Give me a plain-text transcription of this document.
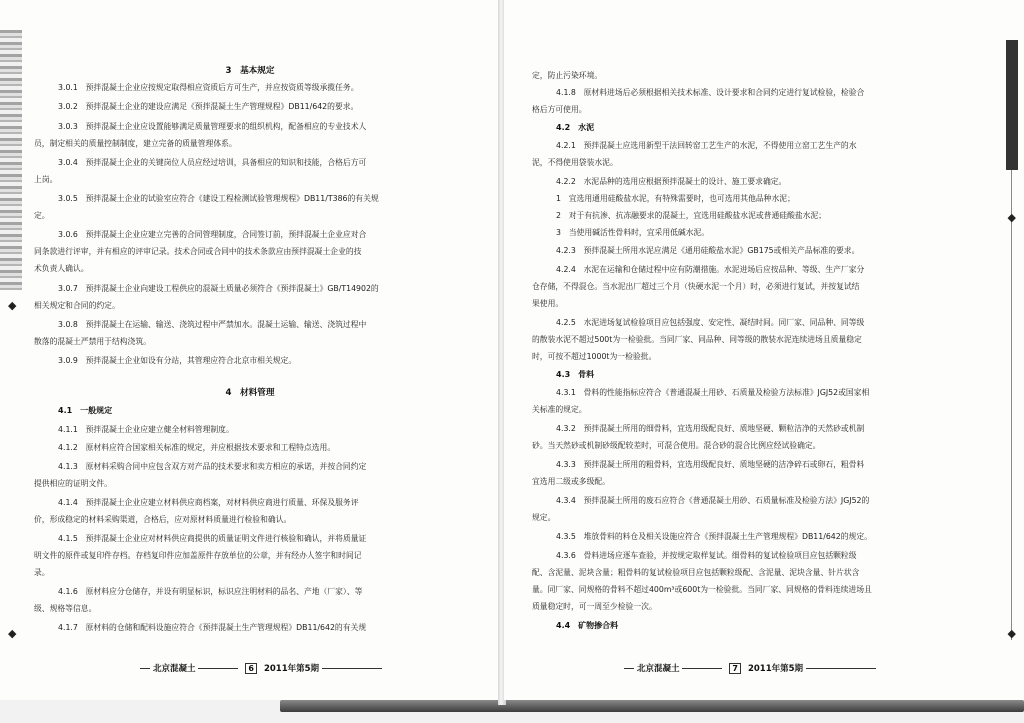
◆
◆
3　基本规定
3.0.1　预拌混凝土企业应按规定取得相应资质后方可生产，并应按资质等级承揽任务。
3.0.2　预拌混凝土企业的建设应满足《预拌混凝土生产管理规程》DB11/642的要求。
3.0.3　预拌混凝土企业应设置能够满足质量管理要求的组织机构，配备相应的专业技术人
员，制定相关的质量控制制度，建立完备的质量管理体系。
3.0.4　预拌混凝土企业的关键岗位人员应经过培训，具备相应的知识和技能，合格后方可
上岗。
3.0.5　预拌混凝土企业的试验室应符合《建设工程检测试验管理规程》DB11/T386的有关规
定。
3.0.6　预拌混凝土企业应建立完善的合同管理制度，合同签订前，预拌混凝土企业应对合
同条款进行评审，并有相应的评审记录。技术合同或合同中的技术条款应由预拌混凝土企业的技
术负责人确认。
3.0.7　预拌混凝土企业向建设工程供应的混凝土质量必须符合《预拌混凝土》GB/T14902的
相关规定和合同的约定。
3.0.8　预拌混凝土在运输、输送、浇筑过程中严禁加水。混凝土运输、输送、浇筑过程中
散落的混凝土严禁用于结构浇筑。
3.0.9　预拌混凝土企业如设有分站，其管理应符合北京市相关规定。
4　材料管理
4.1　一般规定
4.1.1　预拌混凝土企业应建立健全材料管理制度。
4.1.2　原材料应符合国家相关标准的规定，并应根据技术要求和工程特点选用。
4.1.3　原材料采购合同中应包含双方对产品的技术要求和卖方相应的承诺，并按合同约定
提供相应的证明文件。
4.1.4　预拌混凝土企业应建立材料供应商档案，对材料供应商进行质量、环保及服务评
价，形成稳定的材料采购渠道，合格后，应对原材料质量进行检验和确认。
4.1.5　预拌混凝土企业应对材料供应商提供的质量证明文件进行核验和确认，并将质量证
明文件的原件或复印件存档。存档复印件应加盖原件存放单位的公章，并有经办人签字和时间记
录。
4.1.6　原材料应分仓储存，并设有明显标识，标识应注明材料的品名、产地（厂家）、等
级、规格等信息。
4.1.7　原材料的仓储和配料设施应符合《预拌混凝土生产管理规程》DB11/642的有关规
北京混凝土	6 2011年第5期
◆
◆
定，防止污染环境。
4.1.8　原材料进场后必须根据相关技术标准、设计要求和合同约定进行复试检验，检验合
格后方可使用。
4.2　水泥
4.2.1　预拌混凝土应选用新型干法回转窑工艺生产的水泥，不得使用立窑工艺生产的水
泥，不得使用袋装水泥。
4.2.2　水泥品种的选用应根据预拌混凝土的设计、施工要求确定。
1　宜选用通用硅酸盐水泥，有特殊需要时，也可选用其他品种水泥；
2　对于有抗渗、抗冻融要求的混凝土，宜选用硅酸盐水泥或普通硅酸盐水泥；
3　当使用碱活性骨料时，宜采用低碱水泥。
4.2.3　预拌混凝土所用水泥应满足《通用硅酸盐水泥》GB175或相关产品标准的要求。
4.2.4　水泥在运输和仓储过程中应有防潮措施。水泥进场后应按品种、等级、生产厂家分
仓存储，不得混仓。当水泥出厂超过三个月（快硬水泥一个月）时，必须进行复试，并按复试结
果使用。
4.2.5　水泥进场复试检验项目应包括强度、安定性、凝结时间。同厂家、同品种、同等级
的散装水泥不超过500t为一检验批。当同厂家、同品种、同等级的散装水泥连续进场且质量稳定
时，可按不超过1000t为一检验批。
4.3　骨料
4.3.1　骨料的性能指标应符合《普通混凝土用砂、石质量及检验方法标准》JGJ52或国家相
关标准的规定。
4.3.2　预拌混凝土所用的细骨料，宜选用级配良好、质地坚硬、颗粒洁净的天然砂或机制
砂。当天然砂或机制砂级配较差时，可混合使用。混合砂的混合比例应经试验确定。
4.3.3　预拌混凝土所用的粗骨料，宜选用级配良好、质地坚硬的洁净碎石或卵石，粗骨料
宜选用二级或多级配。
4.3.4　预拌混凝土所用的废石应符合《普通混凝土用砂、石质量标准及检验方法》JGJ52的
规定。
4.3.5　堆放骨料的料仓及相关设施应符合《预拌混凝土生产管理规程》DB11/642的规定。
4.3.6　骨料进场应逐车查验，并按规定取样复试。细骨料的复试检验项目应包括颗粒级
配、含泥量、泥块含量；粗骨料的复试检验项目应包括颗粒级配、含泥量、泥块含量、针片状含
量。同厂家、同规格的骨料不超过400m³或600t为一检验批。当同厂家、同规格的骨料连续进场且
质量稳定时，可一周至少检验一次。
4.4　矿物掺合料
北京混凝土	7 2011年第5期
